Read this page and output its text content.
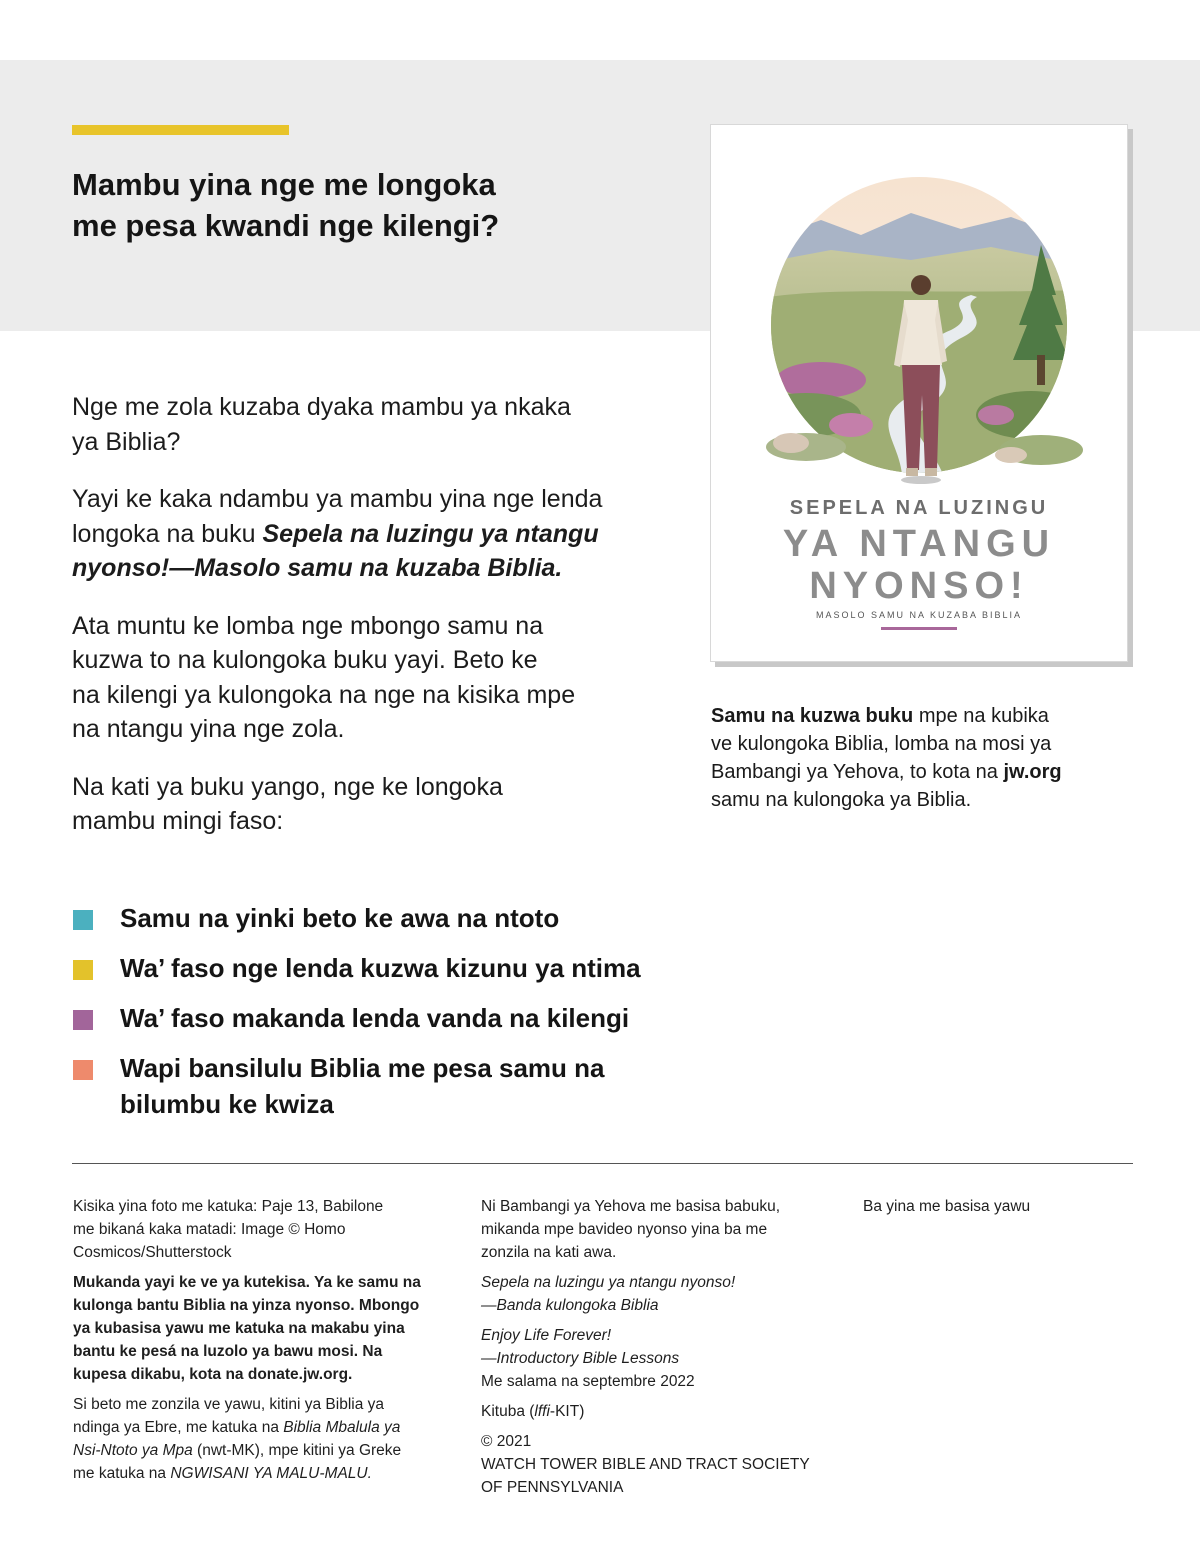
Mambu yina nge me longoka
me pesa kwandi nge kilengi?

Nge me zola kuzaba dyaka mambu ya nkaka
ya Biblia?

Yayi ke kaka ndambu ya mambu yina nge lenda
longoka na buku Sepela na luzingu ya ntangu
nyonso!—Masolo samu na kuzaba Biblia.

Ata muntu ke lomba nge mbongo samu na
kuzwa to na kulongoka buku yayi. Beto ke
na kilengi ya kulongoka na nge na kisika mpe
na ntangu yina nge zola.

Na kati ya buku yango, nge ke longoka
mambu mingi faso:

Samu na yinki beto ke awa na ntoto
Wa’ faso nge lenda kuzwa kizunu ya ntima
Wa’ faso makanda lenda vanda na kilengi
Wapi bansilulu Biblia me pesa samu na
bilumbu ke kwiza
SEPELA NA LUZINGU
YA NTANGU
NYONSO!
MASOLO SAMU NA KUZABA BIBLIA
Samu na kuzwa buku mpe na kubika
ve kulongoka Biblia, lomba na mosi ya
Bambangi ya Yehova, to kota na jw.org
samu na kulongoka ya Biblia.

Kisika yina foto me katuka: Paje 13, Babilone
me bikaná kaka matadi: Image © Homo
Cosmicos/Shutterstock

Mukanda yayi ke ve ya kutekisa. Ya ke samu na
kulonga bantu Biblia na yinza nyonso. Mbongo
ya kubasisa yawu me katuka na makabu yina
bantu ke pesá na luzolo ya bawu mosi. Na
kupesa dikabu, kota na donate.jw.org.

Si beto me zonzila ve yawu, kitini ya Biblia ya
ndinga ya Ebre, me katuka na Biblia Mbalula ya
Nsi-Ntoto ya Mpa (nwt-MK), mpe kitini ya Greke
me katuka na NGWISANI YA MALU-MALU.

Ni Bambangi ya Yehova me basisa babuku,
mikanda mpe bavideo nyonso yina ba me
zonzila na kati awa.

Sepela na luzingu ya ntangu nyonso!
—Banda kulongoka Biblia

Enjoy Life Forever!
—Introductory Bible Lessons
Me salama na septembre 2022

Kituba (lffi-KIT)

© 2021
WATCH TOWER BIBLE AND TRACT SOCIETY
OF PENNSYLVANIA

Ba yina me basisa yawu
